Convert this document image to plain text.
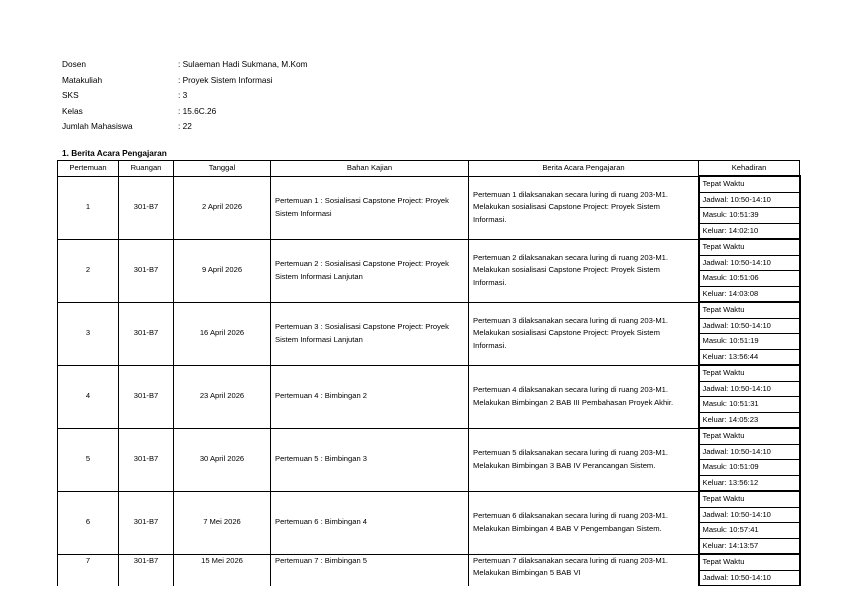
Dosen	: Sulaeman Hadi Sukmana, M.Kom
Matakuliah	: Proyek Sistem Informasi
SKS	: 3
Kelas	: 15.6C.26
Jumlah Mahasiswa	: 22
1. Berita Acara Pengajaran
Pertemuan	Ruangan	Tanggal	Bahan Kajian	Berita Acara Pengajaran	Kehadiran
1	301-B7	2 April 2026	Pertemuan 1 : Sosialisasi Capstone Project: Proyek Sistem Informasi	Pertemuan 1 dilaksanakan secara luring di ruang 203-M1. Melakukan sosialisasi Capstone Project: Proyek Sistem Informasi.	Tepat Waktu
					Jadwal: 10:50-14:10
					Masuk: 10:51:39
					Keluar: 14:02:10
2	301-B7	9 April 2026	Pertemuan 2 : Sosialisasi Capstone Project: Proyek Sistem Informasi Lanjutan	Pertemuan 2 dilaksanakan secara luring di ruang 203-M1. Melakukan sosialisasi Capstone Project: Proyek Sistem Informasi.	Tepat Waktu
					Jadwal: 10:50-14:10
					Masuk: 10:51:06
					Keluar: 14:03:08
3	301-B7	16 April 2026	Pertemuan 3 : Sosialisasi Capstone Project: Proyek Sistem Informasi Lanjutan	Pertemuan 3 dilaksanakan secara luring di ruang 203-M1. Melakukan sosialisasi Capstone Project: Proyek Sistem Informasi.	Tepat Waktu
					Jadwal: 10:50-14:10
					Masuk: 10:51:19
					Keluar: 13:56:44
4	301-B7	23 April 2026	Pertemuan 4 : Bimbingan 2	Pertemuan 4 dilaksanakan secara luring di ruang 203-M1. Melakukan Bimbingan 2 BAB III Pembahasan Proyek Akhir.	Tepat Waktu
					Jadwal: 10:50-14:10
					Masuk: 10:51:31
					Keluar: 14:05:23
5	301-B7	30 April 2026	Pertemuan 5 : Bimbingan 3	Pertemuan 5 dilaksanakan secara luring di ruang 203-M1. Melakukan Bimbingan 3 BAB IV Perancangan Sistem.	Tepat Waktu
					Jadwal: 10:50-14:10
					Masuk: 10:51:09
					Keluar: 13:56:12
6	301-B7	7 Mei 2026	Pertemuan 6 : Bimbingan 4	Pertemuan 6 dilaksanakan secara luring di ruang 203-M1. Melakukan Bimbingan 4 BAB V Pengembangan Sistem.	Tepat Waktu
					Jadwal: 10:50-14:10
					Masuk: 10:57:41
					Keluar: 14:13:57
7	301-B7	15 Mei 2026	Pertemuan 7 : Bimbingan 5	Pertemuan 7 dilaksanakan secara luring di ruang 203-M1. Melakukan Bimbingan 5 BAB VI	Tepat Waktu
					Jadwal: 10:50-14:10
